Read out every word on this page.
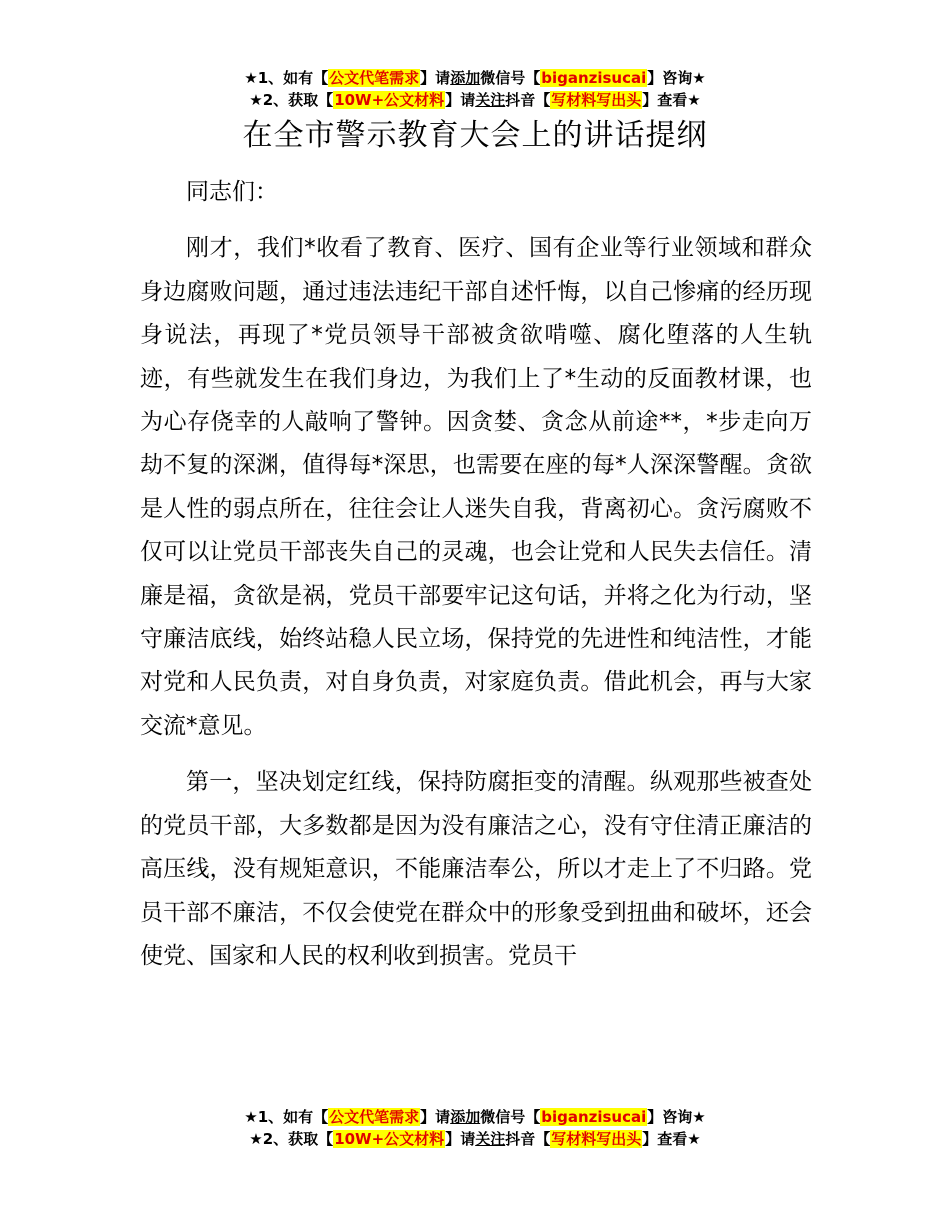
★1、如有【公文代笔需求】请添加微信号【biganzisucai】咨询★
★2、获取【10W+公文材料】请关注抖音【写材料写出头】查看★
在全市警示教育大会上的讲话提纲

同志们：

刚才，我们*收看了教育、医疗、国有企业等行业领域和群众身边腐败问题，通过违法违纪干部自述忏悔，以自己惨痛的经历现身说法，再现了*党员领导干部被贪欲啃噬、腐化堕落的人生轨迹，有些就发生在我们身边，为我们上了*生动的反面教材课，也为心存侥幸的人敲响了警钟。因贪婪、贪念从前途**，*步走向万劫不复的深渊，值得每*深思，也需要在座的每*人深深警醒。贪欲是人性的弱点所在，往往会让人迷失自我，背离初心。贪污腐败不仅可以让党员干部丧失自己的灵魂，也会让党和人民失去信任。清廉是福，贪欲是祸，党员干部要牢记这句话，并将之化为行动，坚守廉洁底线，始终站稳人民立场，保持党的先进性和纯洁性，才能对党和人民负责，对自身负责，对家庭负责。借此机会，再与大家交流*意见。

第一，坚决划定红线，保持防腐拒变的清醒。纵观那些被查处的党员干部，大多数都是因为没有廉洁之心，没有守住清正廉洁的高压线，没有规矩意识，不能廉洁奉公，所以才走上了不归路。党员干部不廉洁，不仅会使党在群众中的形象受到扭曲和破坏，还会使党、国家和人民的权利收到损害。党员干

★1、如有【公文代笔需求】请添加微信号【biganzisucai】咨询★
★2、获取【10W+公文材料】请关注抖音【写材料写出头】查看★
